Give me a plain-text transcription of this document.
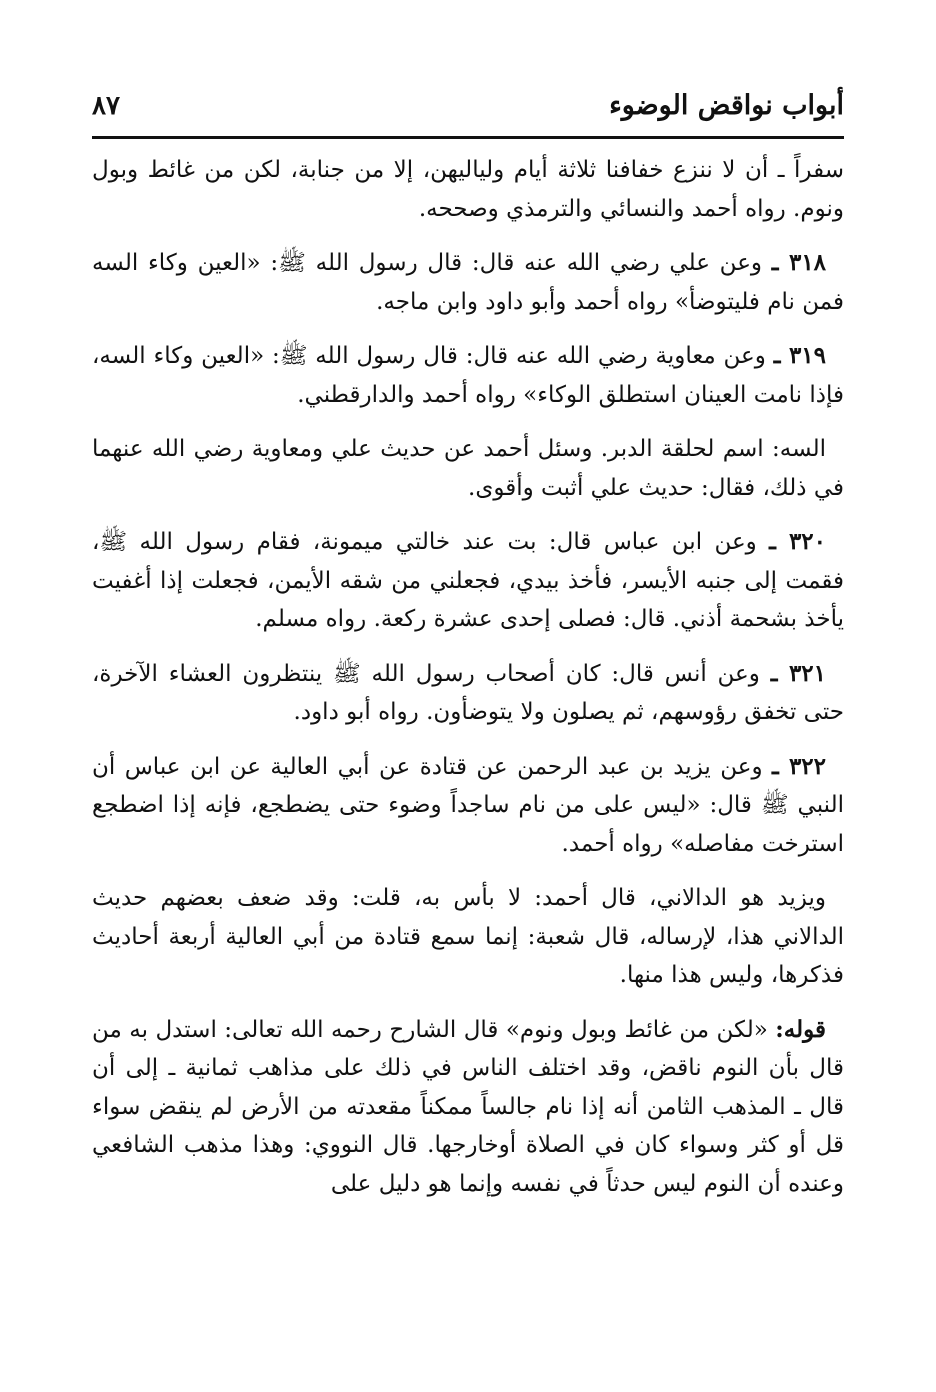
أبواب نواقض الوضوء
٨٧

سفراً ـ أن لا ننزع خفافنا ثلاثة أيام ولياليهن، إلا من جنابة، لكن من غائط وبول ونوم. رواه أحمد والنسائي والترمذي وصححه.

٣١٨ ـ وعن علي رضي الله عنه قال: قال رسول الله ﷺ: «العين وكاء السه فمن نام فليتوضأ» رواه أحمد وأبو داود وابن ماجه.

٣١٩ ـ وعن معاوية رضي الله عنه قال: قال رسول الله ﷺ: «العين وكاء السه، فإذا نامت العينان استطلق الوكاء» رواه أحمد والدارقطني.

السه: اسم لحلقة الدبر. وسئل أحمد عن حديث علي ومعاوية رضي الله عنهما في ذلك، فقال: حديث علي أثبت وأقوى.

٣٢٠ ـ وعن ابن عباس قال: بت عند خالتي ميمونة، فقام رسول الله ﷺ، فقمت إلى جنبه الأيسر، فأخذ بيدي، فجعلني من شقه الأيمن، فجعلت إذا أغفيت يأخذ بشحمة أذني. قال: فصلى إحدى عشرة ركعة. رواه مسلم.

٣٢١ ـ وعن أنس قال: كان أصحاب رسول الله ﷺ ينتظرون العشاء الآخرة، حتى تخفق رؤوسهم، ثم يصلون ولا يتوضأون. رواه أبو داود.

٣٢٢ ـ وعن يزيد بن عبد الرحمن عن قتادة عن أبي العالية عن ابن عباس أن النبي ﷺ قال: «ليس على من نام ساجداً وضوء حتى يضطجع، فإنه إذا اضطجع استرخت مفاصله» رواه أحمد.

ويزيد هو الدالاني، قال أحمد: لا بأس به، قلت: وقد ضعف بعضهم حديث الدالاني هذا، لإرساله، قال شعبة: إنما سمع قتادة من أبي العالية أربعة أحاديث فذكرها، وليس هذا منها.

قوله: «لكن من غائط وبول ونوم» قال الشارح رحمه الله تعالى: استدل به من قال بأن النوم ناقض، وقد اختلف الناس في ذلك على مذاهب ثمانية ـ إلى أن قال ـ المذهب الثامن أنه إذا نام جالساً ممكناً مقعدته من الأرض لم ينقض سواء قل أو كثر وسواء كان في الصلاة أوخارجها. قال النووي: وهذا مذهب الشافعي وعنده أن النوم ليس حدثاً في نفسه وإنما هو دليل على
